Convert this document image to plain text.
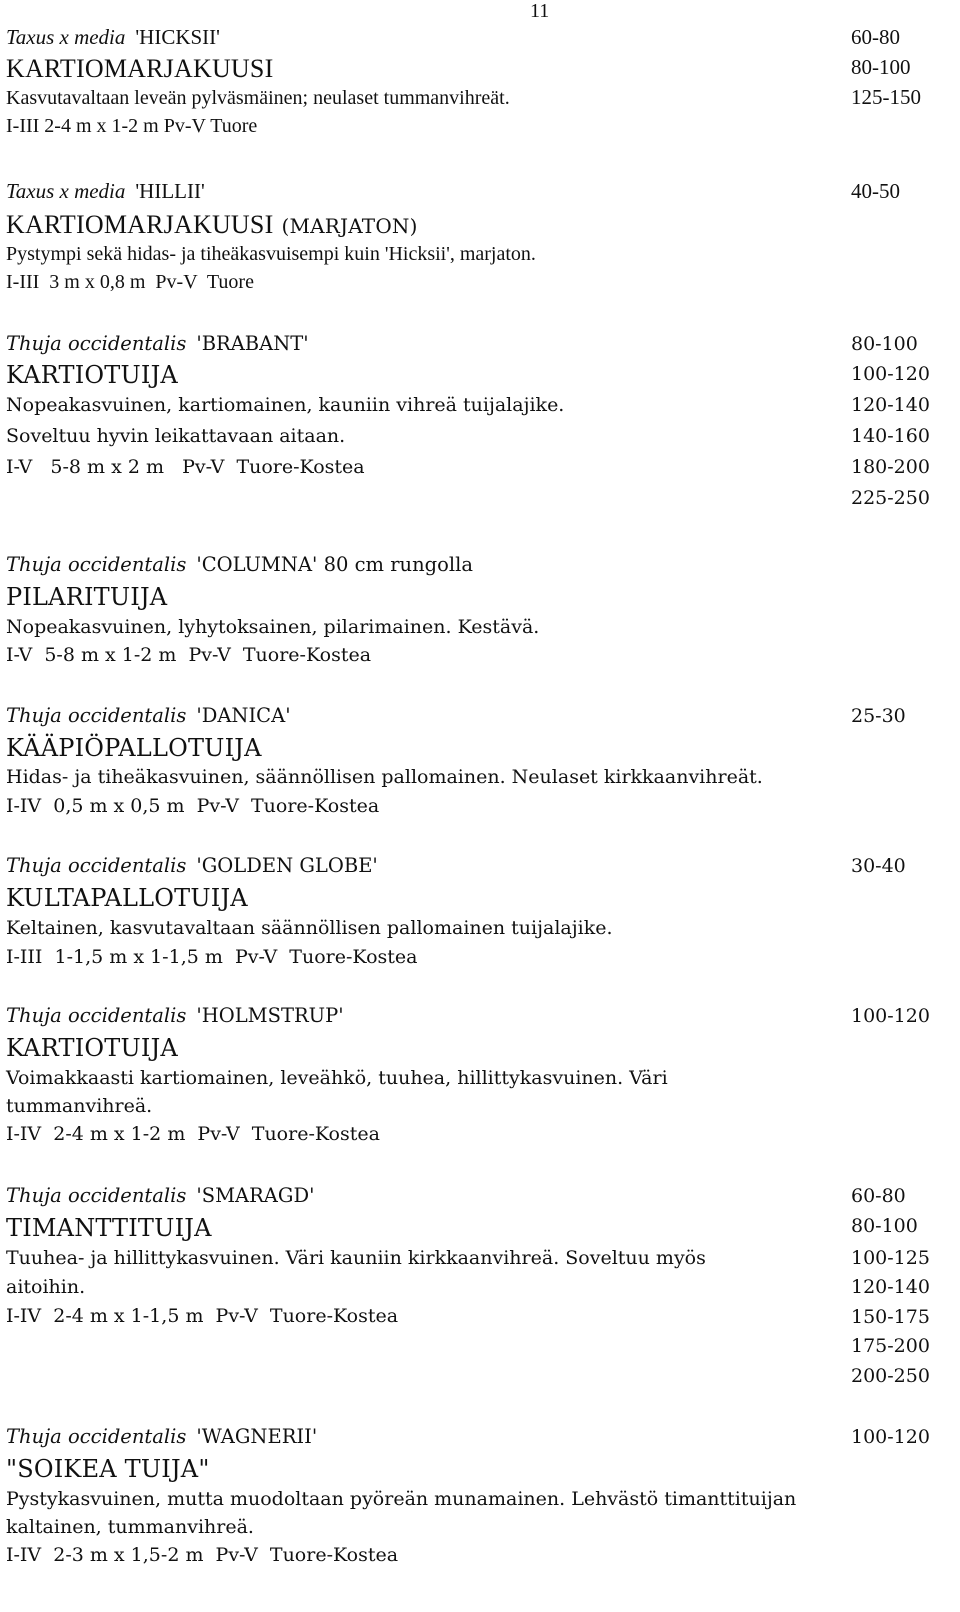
11
Taxus x media 'HICKSII'
KARTIOMARJAKUUSI
Kasvutavaltaan leveän pylväsmäinen; neulaset tummanvihreät.
I-III 2-4 m x 1-2 m Pv-V Tuore
60-80
80-100
125-150
Taxus x media 'HILLII'
KARTIOMARJAKUUSI (MARJATON)
Pystympi sekä hidas- ja tiheäkasvuisempi kuin 'Hicksii', marjaton.
I-III  3 m x 0,8 m  Pv-V  Tuore
40-50
Thuja occidentalis 'BRABANT'
KARTIOTUIJA
Nopeakasvuinen, kartiomainen, kauniin vihreä tuijalajike.
Soveltuu hyvin leikattavaan aitaan.
I-V   5-8 m x 2 m   Pv-V  Tuore-Kostea
80-100
100-120
120-140
140-160
180-200
225-250
Thuja occidentalis 'COLUMNA' 80 cm rungolla
PILARITUIJA
Nopeakasvuinen, lyhytoksainen, pilarimainen. Kestävä.
I-V  5-8 m x 1-2 m  Pv-V  Tuore-Kostea
Thuja occidentalis 'DANICA'
KÄÄPIÖPALLOTUIJA
Hidas- ja tiheäkasvuinen, säännöllisen pallomainen. Neulaset kirkkaanvihreät.
I-IV  0,5 m x 0,5 m  Pv-V  Tuore-Kostea
25-30
Thuja occidentalis 'GOLDEN GLOBE'
KULTAPALLOTUIJA
Keltainen, kasvutavaltaan säännöllisen pallomainen tuijalajike.
I-III  1-1,5 m x 1-1,5 m  Pv-V  Tuore-Kostea
30-40
Thuja occidentalis 'HOLMSTRUP'
KARTIOTUIJA
Voimakkaasti kartiomainen, leveähkö, tuuhea, hillittykasvuinen. Väri
tummanvihreä.
I-IV  2-4 m x 1-2 m  Pv-V  Tuore-Kostea
100-120
Thuja occidentalis 'SMARAGD'
TIMANTTITUIJA
Tuuhea- ja hillittykasvuinen. Väri kauniin kirkkaanvihreä. Soveltuu myös
aitoihin.
I-IV  2-4 m x 1-1,5 m  Pv-V  Tuore-Kostea
60-80
80-100
100-125
120-140
150-175
175-200
200-250
Thuja occidentalis 'WAGNERII'
"SOIKEA TUIJA"
Pystykasvuinen, mutta muodoltaan pyöreän munamainen. Lehvästö timanttituijan
kaltainen, tummanvihreä.
I-IV  2-3 m x 1,5-2 m  Pv-V  Tuore-Kostea
100-120
